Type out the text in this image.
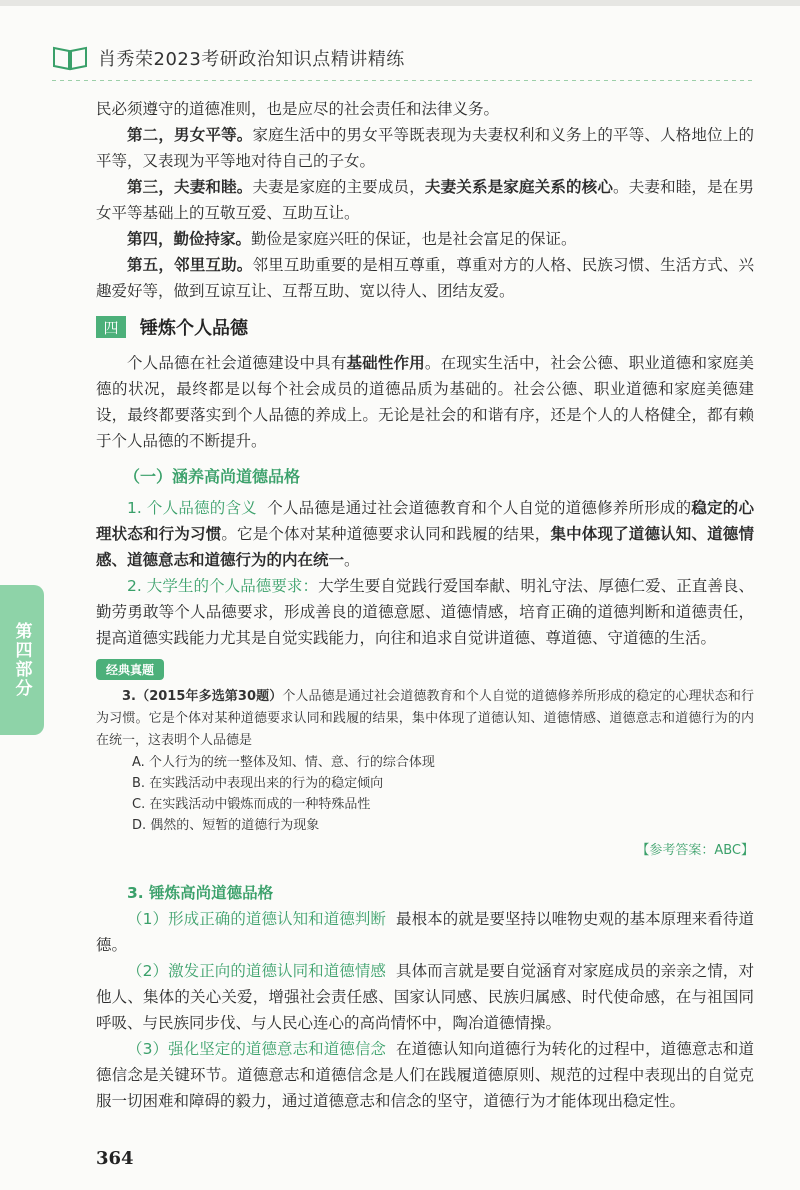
肖秀荣2023考研政治知识点精讲精练

民必须遵守的道德准则，也是应尽的社会责任和法律义务。

第二，男女平等。家庭生活中的男女平等既表现为夫妻权利和义务上的平等、人格地位上的平等，又表现为平等地对待自己的子女。

第三，夫妻和睦。夫妻是家庭的主要成员，夫妻关系是家庭关系的核心。夫妻和睦，是在男女平等基础上的互敬互爱、互助互让。

第四，勤俭持家。勤俭是家庭兴旺的保证，也是社会富足的保证。

第五，邻里互助。邻里互助重要的是相互尊重，尊重对方的人格、民族习惯、生活方式、兴趣爱好等，做到互谅互让、互帮互助、宽以待人、团结友爱。

四	锤炼个人品德

个人品德在社会道德建设中具有基础性作用。在现实生活中，社会公德、职业道德和家庭美德的状况，最终都是以每个社会成员的道德品质为基础的。社会公德、职业道德和家庭美德建设，最终都要落实到个人品德的养成上。无论是社会的和谐有序，还是个人的人格健全，都有赖于个人品德的不断提升。

（一）涵养高尚道德品格

1. 个人品德的含义 个人品德是通过社会道德教育和个人自觉的道德修养所形成的稳定的心理状态和行为习惯。它是个体对某种道德要求认同和践履的结果，集中体现了道德认知、道德情感、道德意志和道德行为的内在统一。

2. 大学生的个人品德要求：大学生要自觉践行爱国奉献、明礼守法、厚德仁爱、正直善良、勤劳勇敢等个人品德要求，形成善良的道德意愿、道德情感，培育正确的道德判断和道德责任，提高道德实践能力尤其是自觉实践能力，向往和追求自觉讲道德、尊道德、守道德的生活。

经典真题

3.（2015年多选第30题）个人品德是通过社会道德教育和个人自觉的道德修养所形成的稳定的心理状态和行为习惯。它是个体对某种道德要求认同和践履的结果，集中体现了道德认知、道德情感、道德意志和道德行为的内在统一，这表明个人品德是

A. 个人行为的统一整体及知、情、意、行的综合体现
B. 在实践活动中表现出来的行为的稳定倾向
C. 在实践活动中锻炼而成的一种特殊品性
D. 偶然的、短暂的道德行为现象
【参考答案：ABC】

3. 锤炼高尚道德品格

（1）形成正确的道德认知和道德判断 最根本的就是要坚持以唯物史观的基本原理来看待道德。

（2）激发正向的道德认同和道德情感 具体而言就是要自觉涵育对家庭成员的亲亲之情，对他人、集体的关心关爱，增强社会责任感、国家认同感、民族归属感、时代使命感，在与祖国同呼吸、与民族同步伐、与人民心连心的高尚情怀中，陶冶道德情操。

（3）强化坚定的道德意志和道德信念 在道德认知向道德行为转化的过程中，道德意志和道德信念是关键环节。道德意志和道德信念是人们在践履道德原则、规范的过程中表现出的自觉克服一切困难和障碍的毅力，通过道德意志和信念的坚守，道德行为才能体现出稳定性。

第四部分
364
